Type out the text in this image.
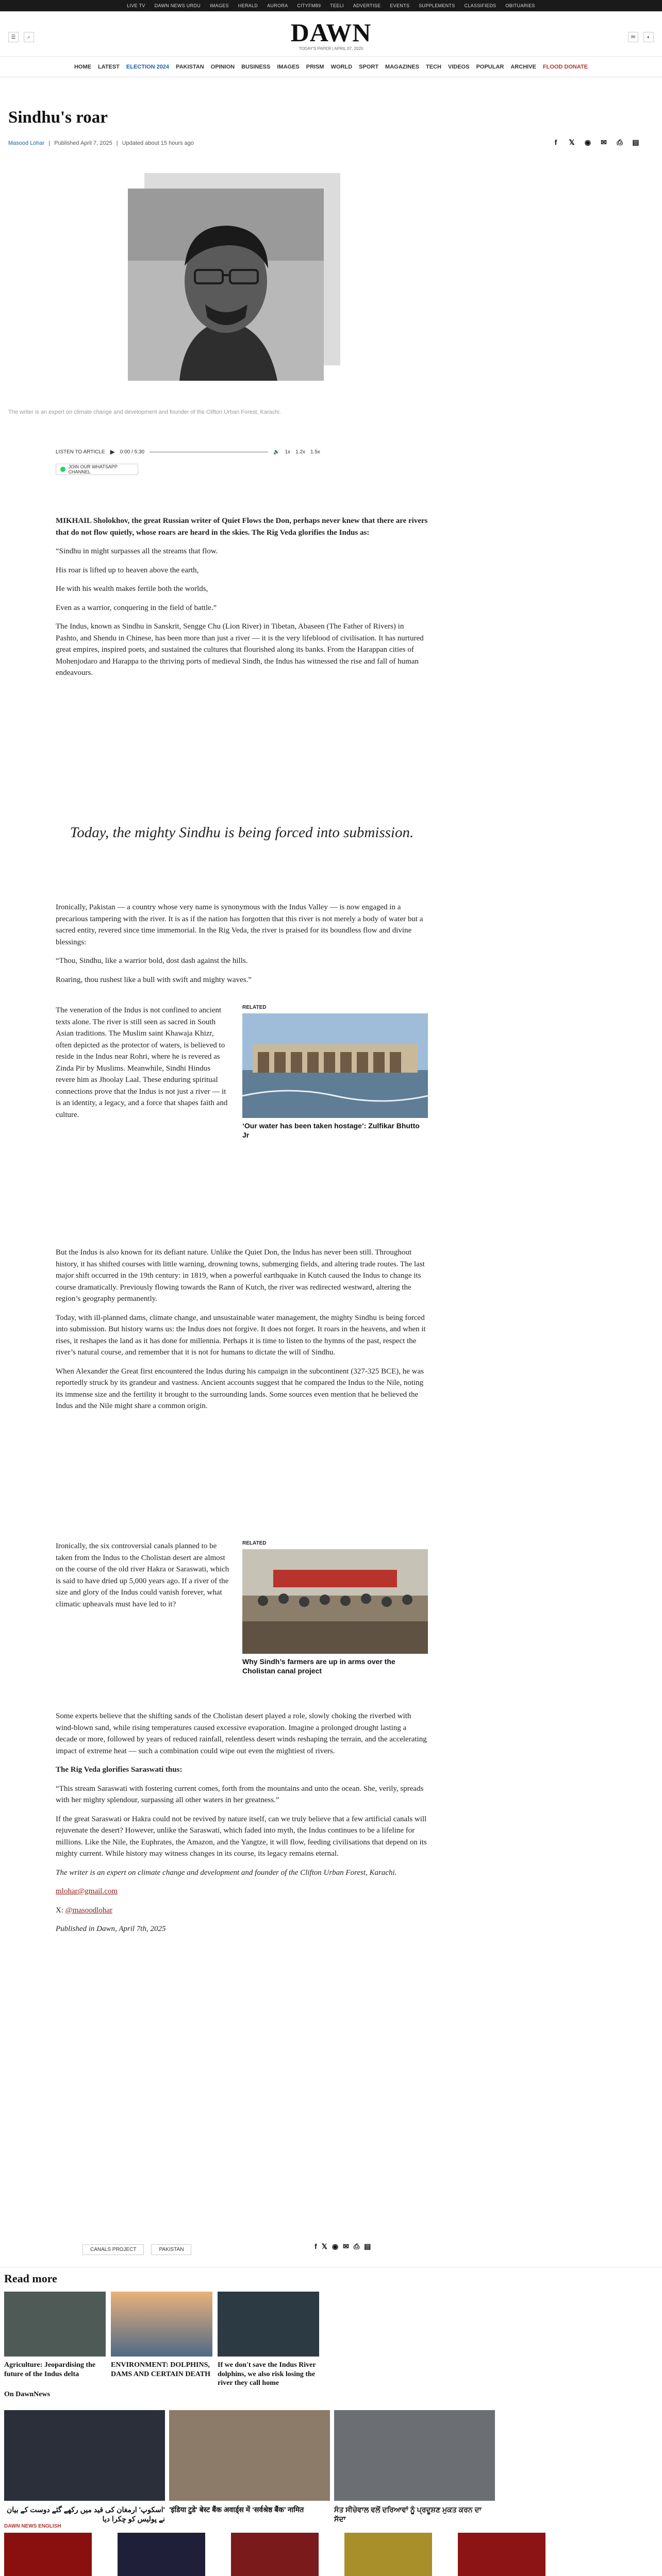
LIVE TV DAWN NEWS URDU IMAGES HERALD AURORA CITYFM89 TEELI ADVERTISE EVENTS SUPPLEMENTS CLASSIFIEDS OBITUARIES
☰	⌕	DAWN
TODAY'S PAPER | APRIL 07, 2025
✉	◐
HOME LATEST ELECTION 2024 PAKISTAN OPINION BUSINESS IMAGES PRISM WORLD SPORT MAGAZINES TECH VIDEOS POPULAR ARCHIVE FLOOD DONATE
Sindhu's roar
Masood Lohar | Published April 7, 2025 | Updated about 15 hours ago	f	𝕏	◉	✉	⎙	▤
The writer is an expert on climate change and development and founder of the Clifton Urban Forest, Karachi.
LISTEN TO ARTICLE ▶ 0:00 / 5:30	🔈 1x 1.2x 1.5x
JOIN OUR WHATSAPP CHANNEL

MIKHAIL Sholokhov, the great Russian writer of Quiet Flows the Don, perhaps never knew that there are rivers that do not flow quietly, whose roars are heard in the skies. The Rig Veda glorifies the Indus as:

“Sindhu in might surpasses all the streams that flow.

His roar is lifted up to heaven above the earth,

He with his wealth makes fertile both the worlds,

Even as a warrior, conquering in the field of battle.”

The Indus, known as Sindhu in Sanskrit, Sengge Chu (Lion River) in Tibetan, Abaseen (The Father of Rivers) in Pashto, and Shendu in Chinese, has been more than just a river — it is the very lifeblood of civilisation. It has nurtured great empires, inspired poets, and sustained the cultures that flourished along its banks. From the Harappan cities of Mohenjodaro and Harappa to the thriving ports of medieval Sindh, the Indus has witnessed the rise and fall of human endeavours.

Today, the mighty Sindhu is being forced into submission.

Ironically, Pakistan — a country whose very name is synonymous with the Indus Valley — is now engaged in a precarious tampering with the river. It is as if the nation has forgotten that this river is not merely a body of water but a sacred entity, revered since time immemorial. In the Rig Veda, the river is praised for its boundless flow and divine blessings:

“Thou, Sindhu, like a warrior bold, dost dash against the hills.

Roaring, thou rushest like a bull with swift and mighty waves.”

RELATED
‘Our water has been taken hostage’: Zulfikar Bhutto Jr

The veneration of the Indus is not confined to ancient texts alone. The river is still seen as sacred in South Asian traditions. The Muslim saint Khawaja Khizr, often depicted as the protector of waters, is believed to reside in the Indus near Rohri, where he is revered as Zinda Pir by Muslims. Meanwhile, Sindhi Hindus revere him as Jhoolay Laal. These enduring spiritual connections prove that the Indus is not just a river — it is an identity, a legacy, and a force that shapes faith and culture.

But the Indus is also known for its defiant nature. Unlike the Quiet Don, the Indus has never been still. Throughout history, it has shifted courses with little warning, drowning towns, submerging fields, and altering trade routes. The last major shift occurred in the 19th century: in 1819, when a powerful earthquake in Kutch caused the Indus to change its course dramatically. Previously flowing towards the Rann of Kutch, the river was redirected westward, altering the region’s geography permanently.

Today, with ill-planned dams, climate change, and unsustainable water management, the mighty Sindhu is being forced into submission. But history warns us: the Indus does not forgive. It does not forget. It roars in the heavens, and when it rises, it reshapes the land as it has done for millennia. Perhaps it is time to listen to the hymns of the past, respect the river’s natural course, and remember that it is not for humans to dictate the will of Sindhu.

When Alexander the Great first encountered the Indus during his campaign in the subcontinent (327-325 BCE), he was reportedly struck by its grandeur and vastness. Ancient accounts suggest that he compared the Indus to the Nile, noting its immense size and the fertility it brought to the surrounding lands. Some sources even mention that he believed the Indus and the Nile might share a common origin.

RELATED
Why Sindh’s farmers are up in arms over the Cholistan canal project

Ironically, the six controversial canals planned to be taken from the Indus to the Cholistan desert are almost on the course of the old river Hakra or Saraswati, which is said to have dried up 5,000 years ago. If a river of the size and glory of the Indus could vanish forever, what climatic upheavals must have led to it?

Some experts believe that the shifting sands of the Cholistan desert played a role, slowly choking the riverbed with wind-blown sand, while rising temperatures caused excessive evaporation. Imagine a prolonged drought lasting a decade or more, followed by years of reduced rainfall, relentless desert winds reshaping the terrain, and the accelerating impact of extreme heat — such a combination could wipe out even the mightiest of rivers.

The Rig Veda glorifies Saraswati thus:

“This stream Saraswati with fostering current comes, forth from the mountains and unto the ocean. She, verily, spreads with her mighty splendour, surpassing all other waters in her greatness.”

If the great Saraswati or Hakra could not be revived by nature itself, can we truly believe that a few artificial canals will rejuvenate the desert? However, unlike the Saraswati, which faded into myth, the Indus continues to be a lifeline for millions. Like the Nile, the Euphrates, the Amazon, and the Yangtze, it will flow, feeding civilisations that depend on its mighty current. While history may witness changes in its course, its legacy remains eternal.

The writer is an expert on climate change and development and founder of the Clifton Urban Forest, Karachi.

mlohar@gmail.com

X: @masoodlohar

Published in Dawn, April 7th, 2025

CANALS PROJECT	PAKISTAN	f 𝕏 ◉ ✉ ⎙ ▤
Read more
Agriculture: Jeopardising the future of the Indus delta
ENVIRONMENT: DOLPHINS, DAMS AND CERTAIN DEATH
If we don't save the Indus River dolphins, we also risk losing the river they call home
On DawnNews
'اسکوپ' ارمغان کی قید میں رکھے گئے دوست کے بیان نے پولیس کو چکرا دیا
'इंडिया टुडे' बेस्ट बैंक अवार्ड्स में ‘सर्वश्रेष्ठ बैंक’ नामित	ਸੰਤ ਸੀਚੇਵਾਲ ਵਲੋਂ ਦਰਿਆਵਾਂ ਨੂੰ ਪ੍ਰਦੂਸ਼ਣ ਮੁਕਤ ਕਰਨ ਦਾ ਸੱਦਾ
DAWN NEWS ENGLISH
